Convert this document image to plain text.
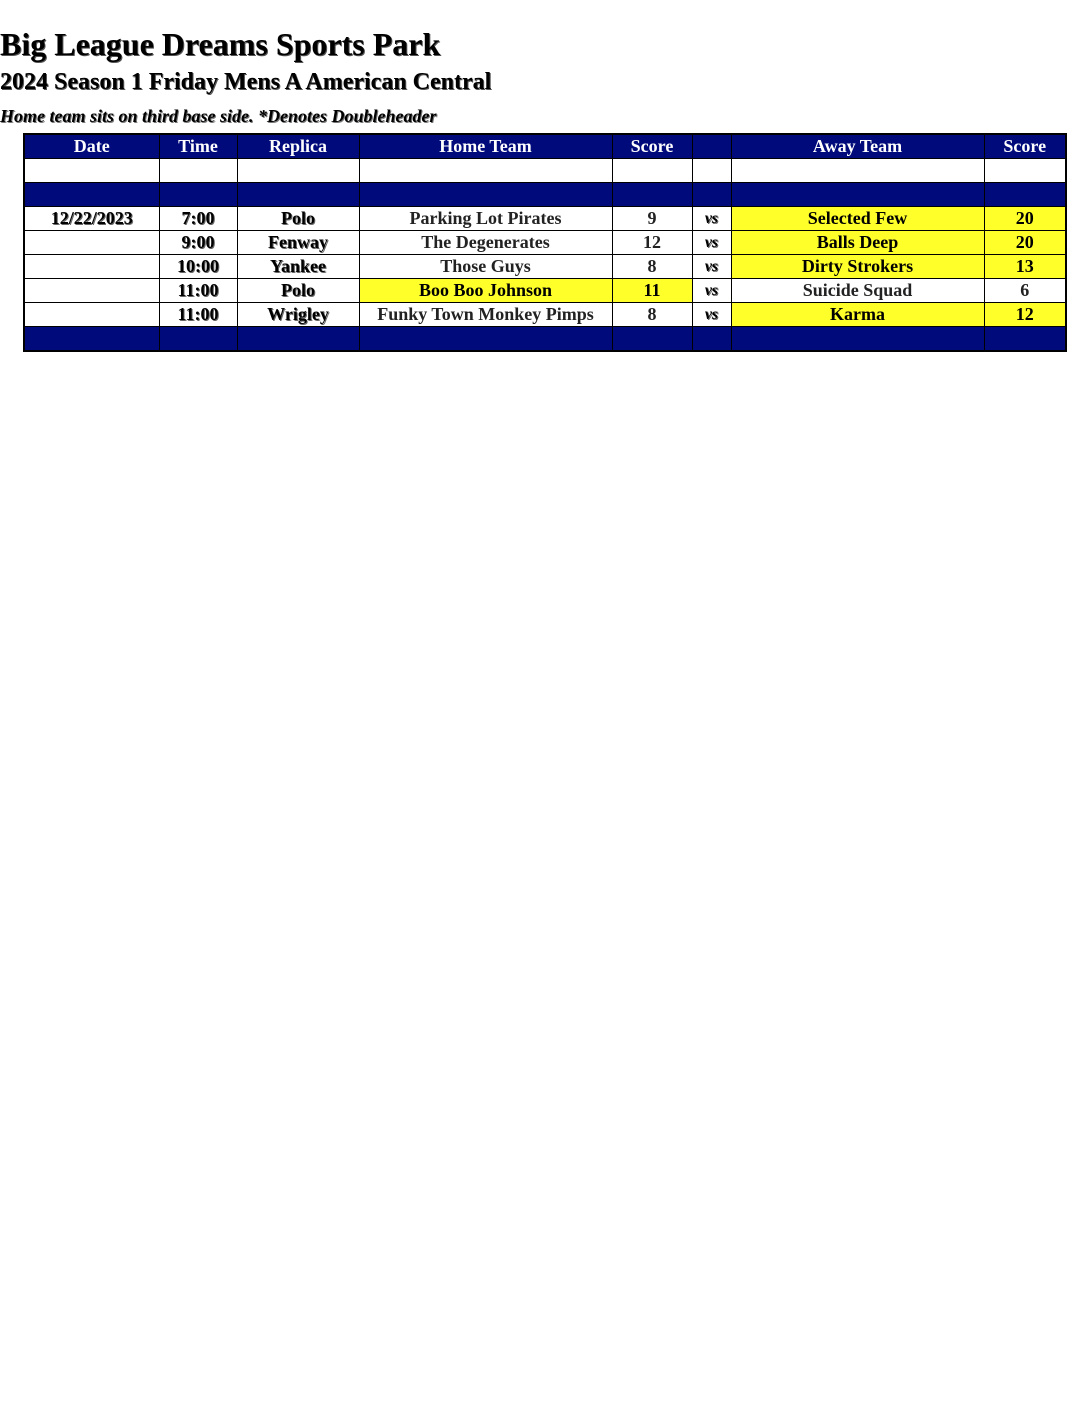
Big League Dreams Sports Park
2024 Season 1 Friday Mens A American Central
Home team sits on third base side. *Denotes Doubleheader
Date	Time	Replica	Home Team	Score		Away Team	Score

12/22/2023	7:00	Polo	Parking Lot Pirates	9	vs	Selected Few	20
	9:00	Fenway	The Degenerates	12	vs	Balls Deep	20
	10:00	Yankee	Those Guys	8	vs	Dirty Strokers	13
	11:00	Polo	Boo Boo Johnson	11	vs	Suicide Squad	6
	11:00	Wrigley	Funky Town Monkey Pimps	8	vs	Karma	12
